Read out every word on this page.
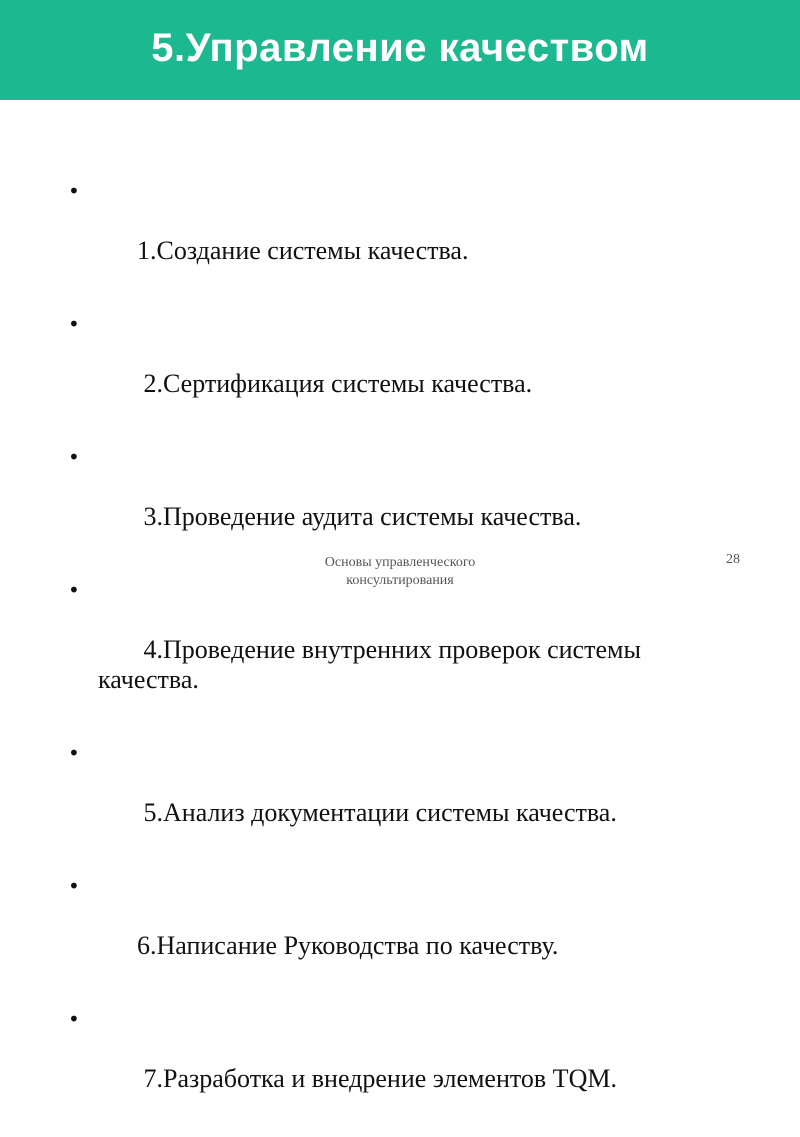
5.Управление качеством

•

1.Создание системы качества.

•

2.Сертификация системы качества.

•

3.Проведение аудита системы качества.

•

4.Проведение внутренних проверок системы качества.

•

5.Анализ документации системы качества.

•

6.Написание Руководства по качеству.

•

7.Разработка и внедрение элементов TQM.

Основы управленческого
консультирования
28
